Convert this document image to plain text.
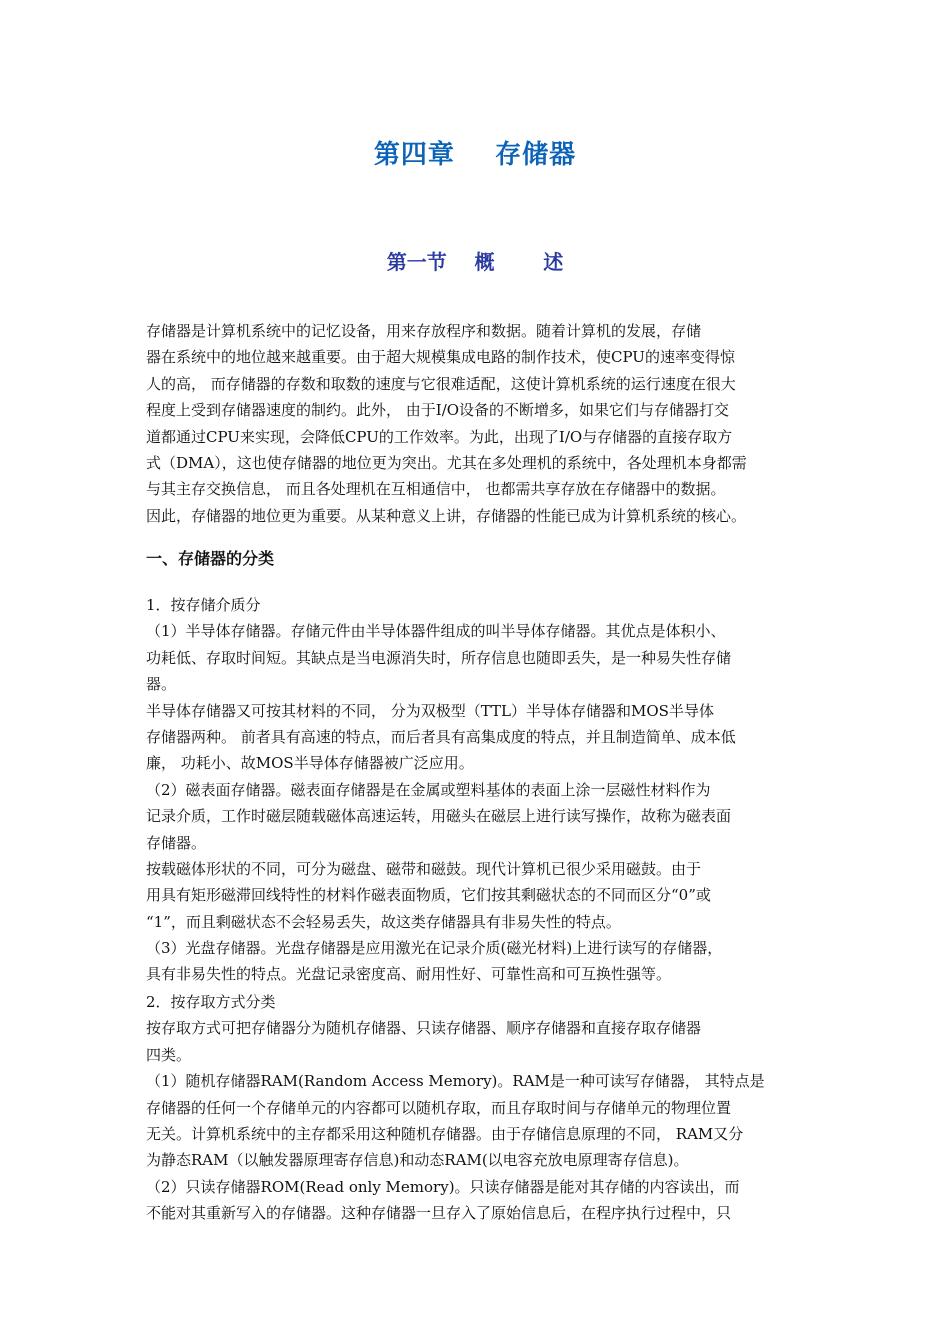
第四章    存储器
第一节    概       述
存储器是计算机系统中的记忆设备，用来存放程序和数据。随着计算机的发展，存储
器在系统中的地位越来越重要。由于超大规模集成电路的制作技术，使CPU的速率变得惊
人的高， 而存储器的存数和取数的速度与它很难适配，这使计算机系统的运行速度在很大
程度上受到存储器速度的制约。此外， 由于I/O设备的不断增多，如果它们与存储器打交
道都通过CPU来实现，会降低CPU的工作效率。为此，出现了I/O与存储器的直接存取方
式（DMA），这也使存储器的地位更为突出。尤其在多处理机的系统中，各处理机本身都需
与其主存交换信息， 而且各处理机在互相通信中， 也都需共享存放在存储器中的数据。
因此，存储器的地位更为重要。从某种意义上讲，存储器的性能已成为计算机系统的核心。
一、存储器的分类
1．按存储介质分
（1）半导体存储器。存储元件由半导体器件组成的叫半导体存储器。其优点是体积小、
功耗低、存取时间短。其缺点是当电源消失时，所存信息也随即丢失，是一种易失性存储
器。
半导体存储器又可按其材料的不同， 分为双极型（TTL）半导体存储器和MOS半导体
存储器两种。 前者具有高速的特点，而后者具有高集成度的特点，并且制造简单、成本低
廉， 功耗小、故MOS半导体存储器被广泛应用。
（2）磁表面存储器。磁表面存储器是在金属或塑料基体的表面上涂一层磁性材料作为
记录介质，工作时磁层随载磁体高速运转，用磁头在磁层上进行读写操作，故称为磁表面
存储器。
按载磁体形状的不同，可分为磁盘、磁带和磁鼓。现代计算机已很少采用磁鼓。由于
用具有矩形磁滞回线特性的材料作磁表面物质，它们按其剩磁状态的不同而区分“0”或
“1”，而且剩磁状态不会轻易丢失，故这类存储器具有非易失性的特点。
（3）光盘存储器。光盘存储器是应用激光在记录介质(磁光材料)上进行读写的存储器，
具有非易失性的特点。光盘记录密度高、耐用性好、可靠性高和可互换性强等。
2．按存取方式分类
按存取方式可把存储器分为随机存储器、只读存储器、顺序存储器和直接存取存储器
四类。
（1）随机存储器RAM(Random Access Memory)。RAM是一种可读写存储器， 其特点是
存储器的任何一个存储单元的内容都可以随机存取，而且存取时间与存储单元的物理位置
无关。计算机系统中的主存都采用这种随机存储器。由于存储信息原理的不同， RAM又分
为静态RAM（以触发器原理寄存信息)和动态RAM(以电容充放电原理寄存信息)。
（2）只读存储器ROM(Read only Memory)。只读存储器是能对其存储的内容读出，而
不能对其重新写入的存储器。这种存储器一旦存入了原始信息后，在程序执行过程中，只
